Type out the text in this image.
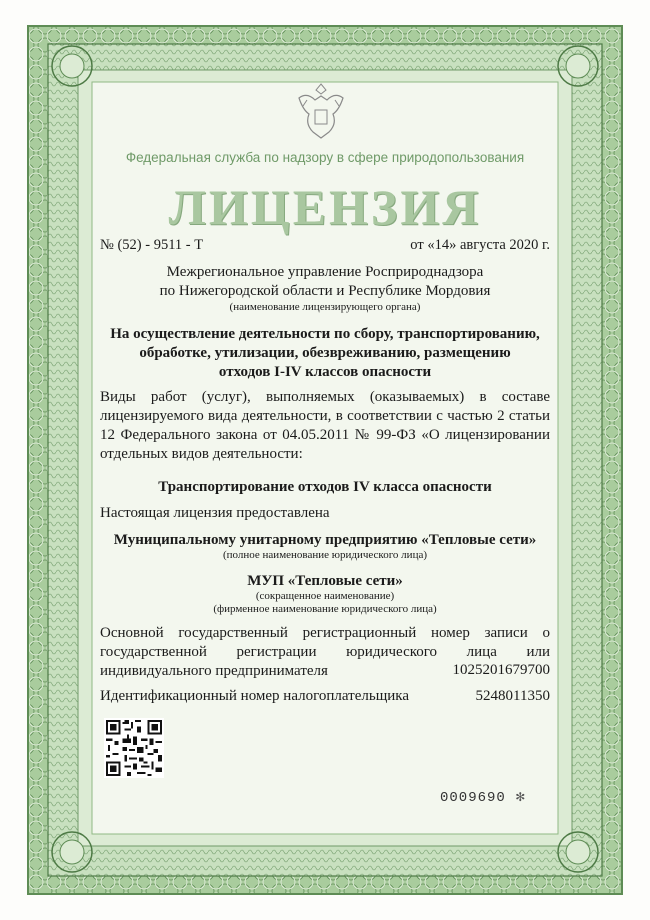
Федеральная служба по надзору в сфере природопользования
ЛИЦЕНЗИЯ
№ (52) - 9511 - Т	от «14» августа 2020 г.
Межрегиональное управление Росприроднадзора
по Нижегородской области и Республике Мордовия
(наименование лицензирующего органа)
На осуществление деятельности по сбору, транспортированию,
обработке, утилизации, обезвреживанию, размещению
отходов I-IV классов опасности
Виды работ (услуг), выполняемых (оказываемых) в составе лицензируемого вида деятельности, в соответствии с частью 2 статьи 12 Федерального закона от 04.05.2011 № 99-ФЗ «О лицензировании отдельных видов деятельности:
Транспортирование отходов IV класса опасности
Настоящая лицензия предоставлена
Муниципальному унитарному предприятию «Тепловые сети»
(полное наименование юридического лица)
МУП «Тепловые сети»
(сокращенное наименование)
(фирменное наименование юридического лица)
Основной государственный регистрационный номер записи о государственной регистрации юридического лица или индивидуального предпринимателя	1025201679700
Идентификационный номер налогоплательщика	5248011350
0009690 ✻
